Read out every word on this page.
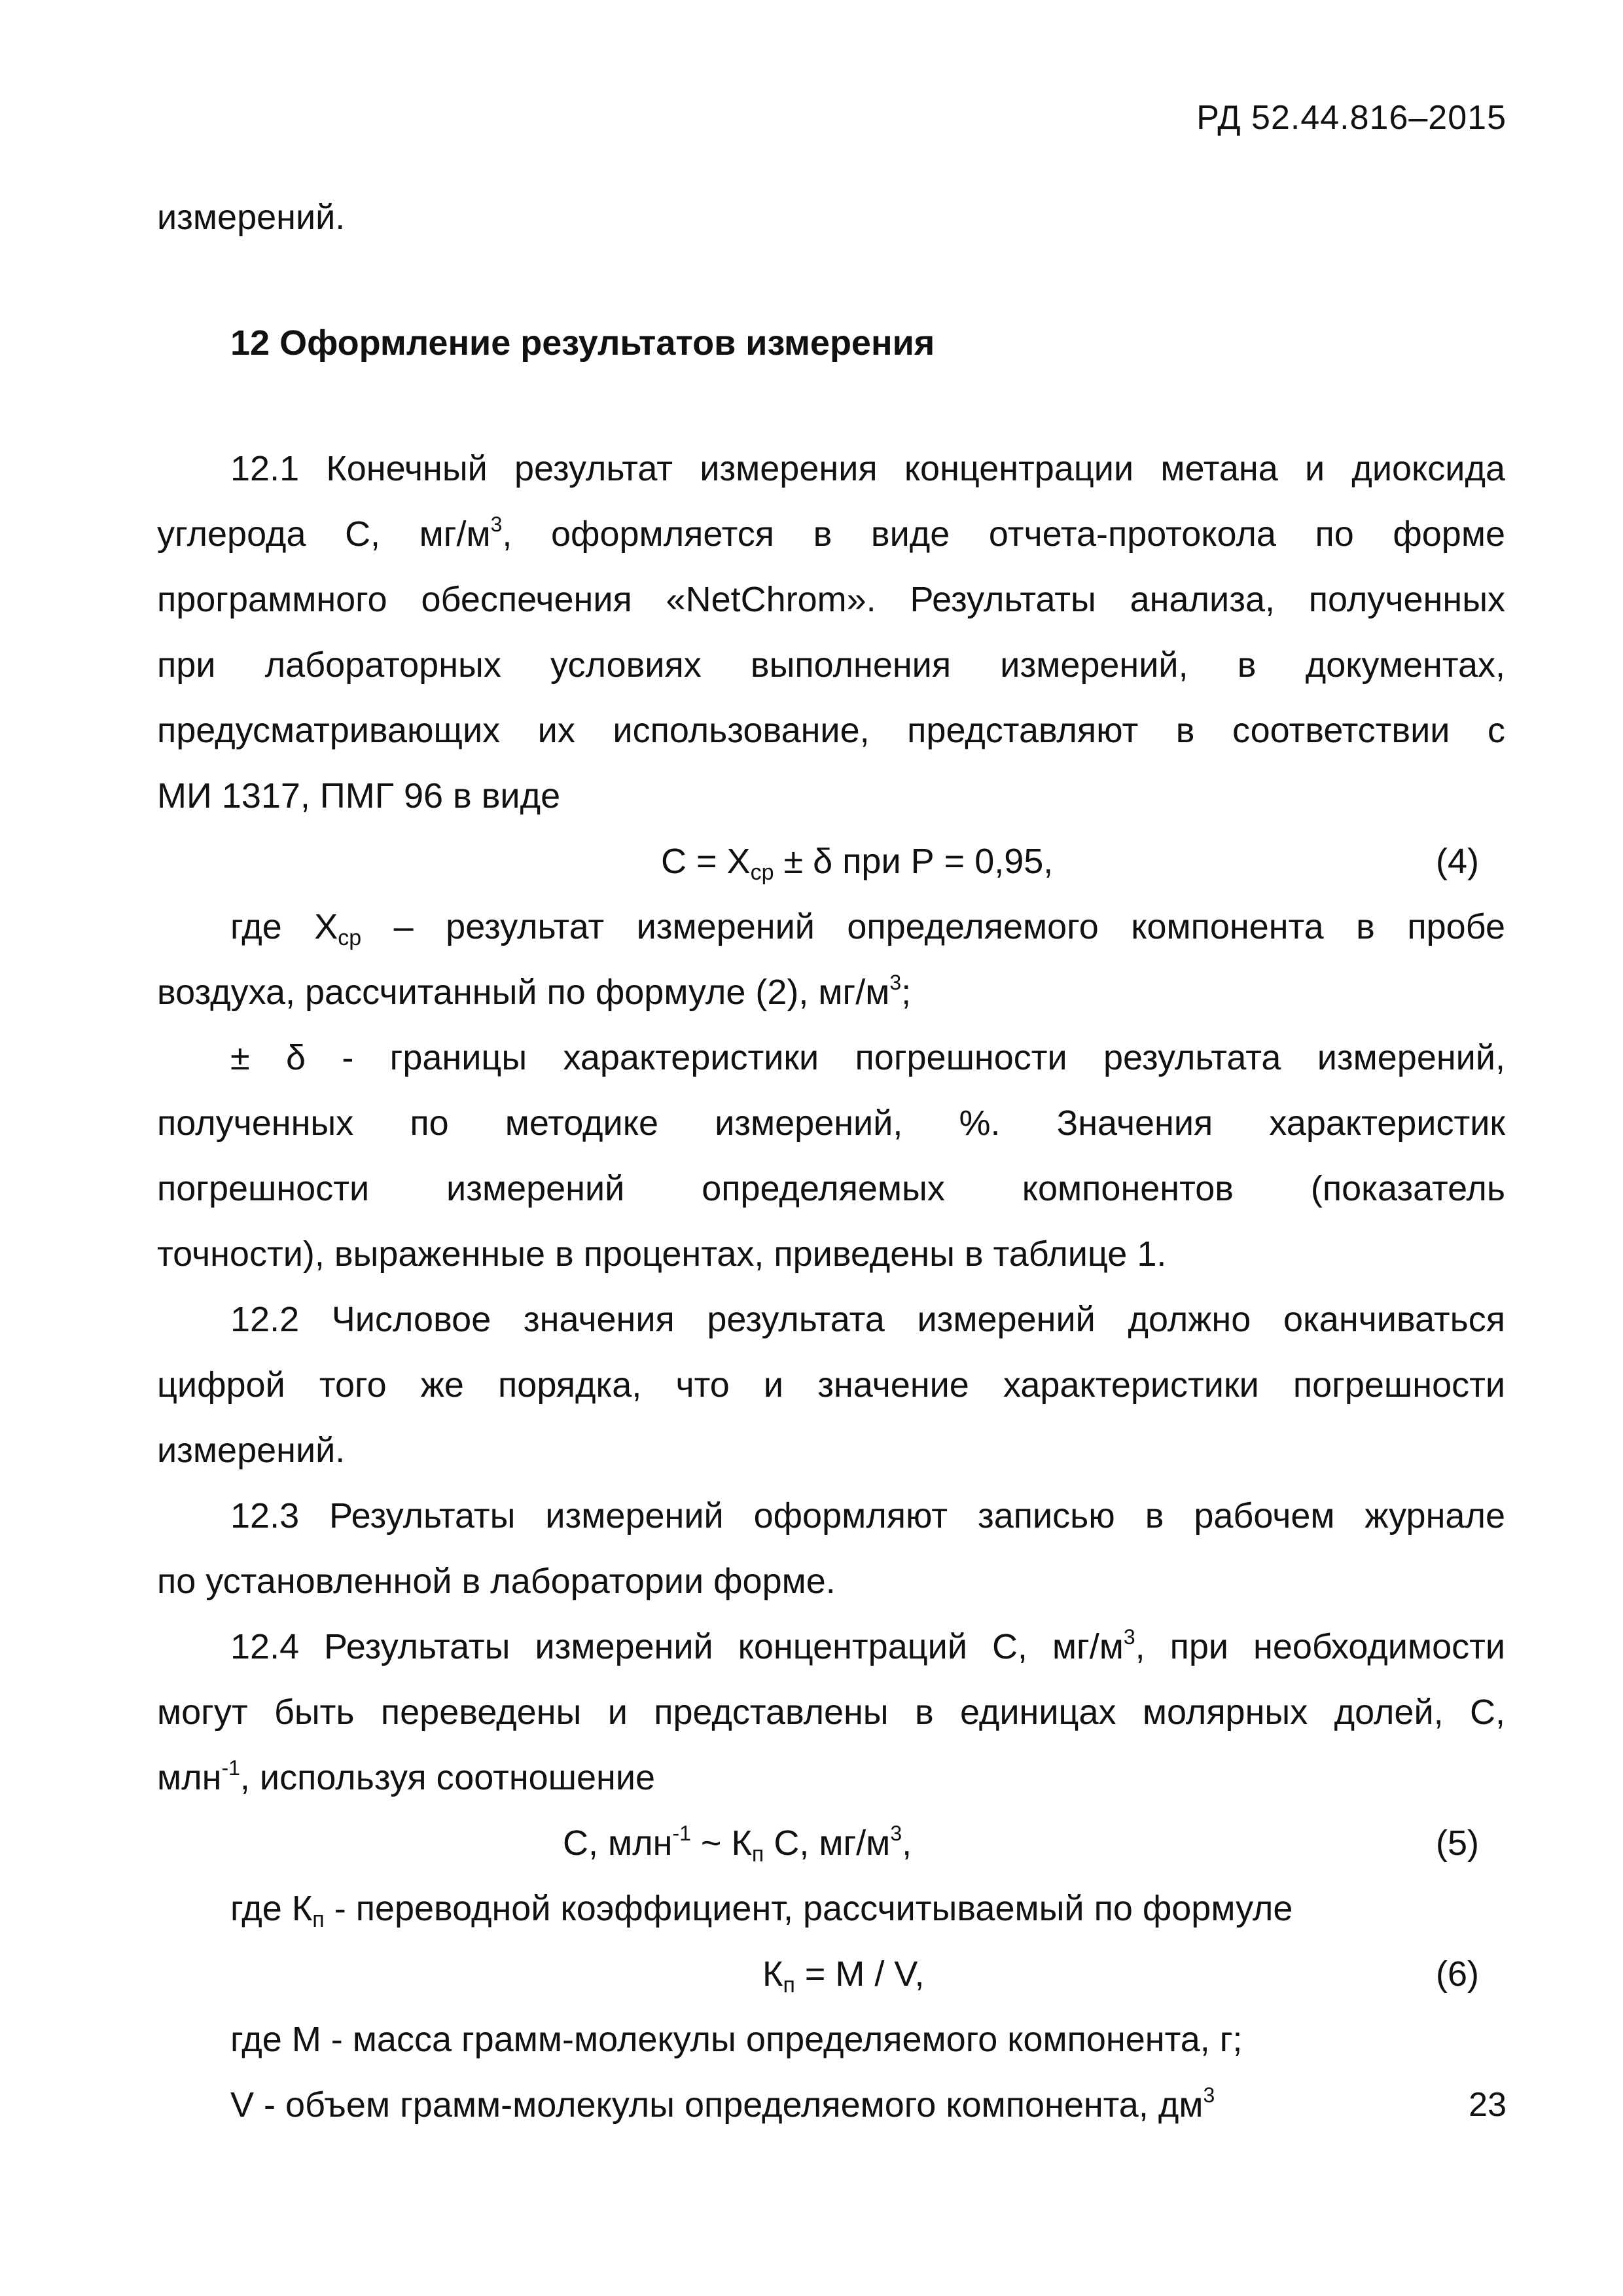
РД 52.44.816–2015
измерений.
12 Оформление результатов измерения
12.1 Конечный результат измерения концентрации метана и диоксида
углерода С, $мг/м^3$, оформляется в виде отчета-протокола по форме
программного обеспечения «NetChrom». Результаты анализа, полученных
при лабораторных условиях выполнения измерений, в документах,
предусматривающих их использование, представляют в соответствии с
МИ 1317, ПМГ 96 в виде
$С = X_{ср} \pm \delta$ при Р = 0,95,	(4)
где $X_{ср}$ – результат измерений определяемого компонента в пробе
воздуха, рассчитанный по формуле (2), $мг/м^3$;
± δ - границы характеристики погрешности результата измерений,
полученных по методике измерений, %. Значения характеристик
погрешности измерений определяемых компонентов (показатель
точности), выраженные в процентах, приведены в таблице 1.
12.2 Числовое значения результата измерений должно оканчиваться
цифрой того же порядка, что и значение характеристики погрешности
измерений.
12.3 Результаты измерений оформляют записью в рабочем журнале
по установленной в лаборатории форме.
12.4 Результаты измерений концентраций С, $мг/м^3$, при необходимости
могут быть переведены и представлены в единицах молярных долей, С,
млн$^{-1}$, используя соотношение
С, млн$^{-1}$ ~ $К_п$ С, $мг/м^3$,	(5)
где $К_п$ - переводной коэффициент, рассчитываемый по формуле
$К_п = М / V$,	(6)
где М - масса грамм-молекулы определяемого компонента, г;
V - объем грамм-молекулы определяемого компонента, $дм^3$	23
